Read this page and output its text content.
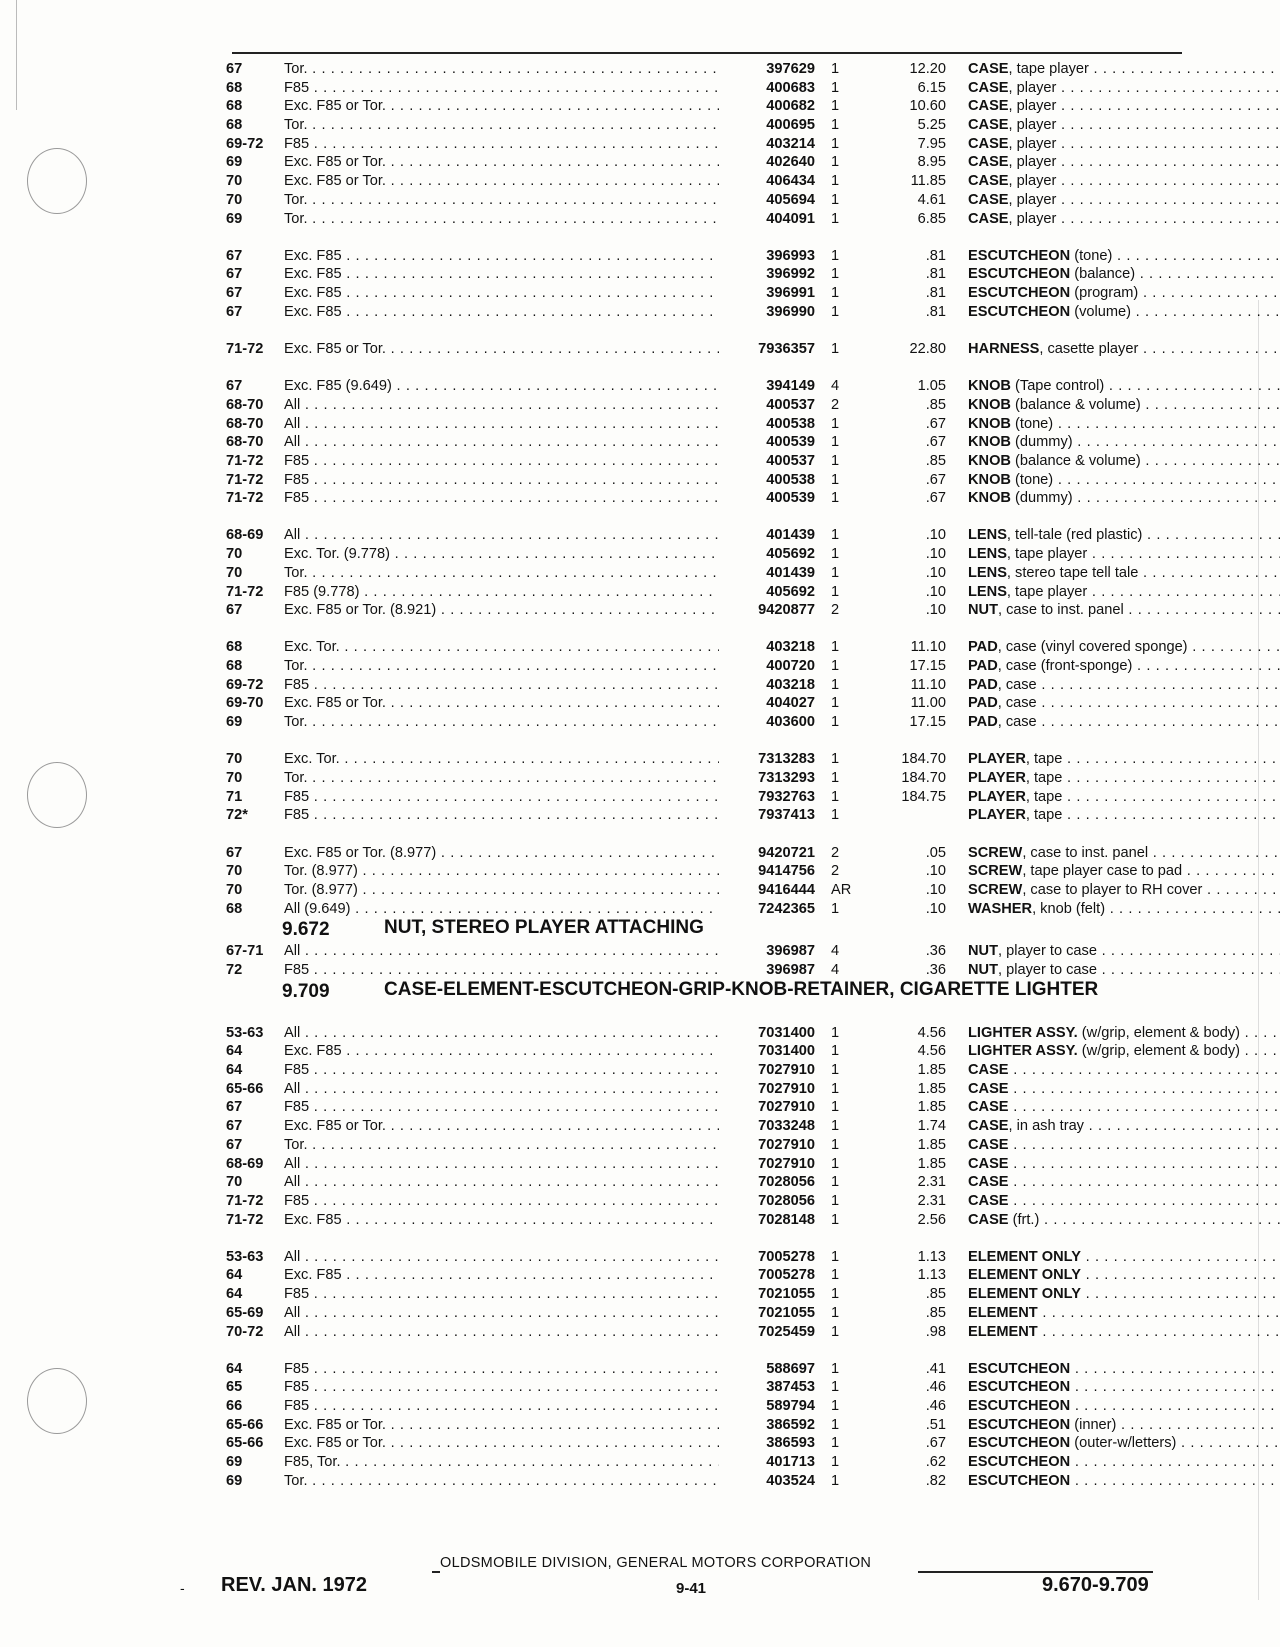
67	Tor. . . .	397629 1	12.20 CASE, tape player . . .
68	F85 . . .	400683 1	6.15 CASE, player . . .
68	Exc. F85 or Tor. . . .	400682 1	10.60 CASE, player . . .
68	Tor. . . .	400695 1	5.25 CASE, player . . .
69-72	F85 . . .	403214 1	7.95 CASE, player . . .
69	Exc. F85 or Tor. . . .	402640 1	8.95 CASE, player . . .
70	Exc. F85 or Tor. . . .	406434 1	11.85 CASE, player . . .
70	Tor. . . .	405694 1	4.61 CASE, player . . .
69	Tor. . . .	404091 1	6.85 CASE, player . . .
67	Exc. F85 . . .	396993 1	.81 ESCUTCHEON (tone) . . .
67	Exc. F85 . . .	396992 1	.81 ESCUTCHEON (balance) . . .
67	Exc. F85 . . .	396991 1	.81 ESCUTCHEON (program) . . .
67	Exc. F85 . . .	396990 1	.81 ESCUTCHEON (volume) . . .
71-72	Exc. F85 or Tor. . . .	7936357 1	22.80 HARNESS, casette player . . .
67	Exc. F85 (9.649) . . .	394149 4	1.05 KNOB (Tape control) . . .
68-70	All . . .	400537 2	.85 KNOB (balance & volume) . . .
68-70	All . . .	400538 1	.67 KNOB (tone) . . .
68-70	All . . .	400539 1	.67 KNOB (dummy) . . .
71-72	F85 . . .	400537 1	.85 KNOB (balance & volume) . . .
71-72	F85 . . .	400538 1	.67 KNOB (tone) . . .
71-72	F85 . . .	400539 1	.67 KNOB (dummy) . . .
68-69	All . . .	401439 1	.10 LENS, tell-tale (red plastic) . . .
70	Exc. Tor. (9.778) . . .	405692 1	.10 LENS, tape player . . .
70	Tor. . . .	401439 1	.10 LENS, stereo tape tell tale . . .
71-72	F85 (9.778) . . .	405692 1	.10 LENS, tape player . . .
67	Exc. F85 or Tor. (8.921) . . .	9420877 2	.10 NUT, case to inst. panel . . .
68	Exc. Tor. . . .	403218 1	11.10 PAD, case (vinyl covered sponge) . . .
68	Tor. . . .	400720 1	17.15 PAD, case (front-sponge) . . .
69-72	F85 . . .	403218 1	11.10 PAD, case . . .
69-70	Exc. F85 or Tor. . . .	404027 1	11.00 PAD, case . . .
69	Tor. . . .	403600 1	17.15 PAD, case . . .
70	Exc. Tor. . . .	7313283 1	184.70 PLAYER, tape . . .
70	Tor. . . .	7313293 1	184.70 PLAYER, tape . . .
71	F85 . . .	7932763 1	184.75 PLAYER, tape . . .
72*	F85 . . .	7937413 1	PLAYER, tape . . .
67	Exc. F85 or Tor. (8.977) . . .	9420721 2	.05 SCREW, case to inst. panel . . .
70	Tor. (8.977) . . .	9414756 2	.10 SCREW, tape player case to pad . . .
70	Tor. (8.977) . . .	9416444 AR	.10 SCREW, case to player to RH cover . . .
68	All (9.649) . . .	7242365 1	.10 WASHER, knob (felt) . . .
9.672	NUT, STEREO PLAYER ATTACHING
67-71	All . . .	396987 4	.36 NUT, player to case . . .
72	F85 . . .	396987 4	.36 NUT, player to case . . .
9.709	CASE-ELEMENT-ESCUTCHEON-GRIP-KNOB-RETAINER, CIGARETTE LIGHTER
53-63	All . . .	7031400 1	4.56 LIGHTER ASSY. (w/grip, element & body) . . .
64	Exc. F85 . . .	7031400 1	4.56 LIGHTER ASSY. (w/grip, element & body) . . .
64	F85 . . .	7027910 1	1.85 CASE . . .
65-66	All . . .	7027910 1	1.85 CASE . . .
67	F85 . . .	7027910 1	1.85 CASE . . .
67	Exc. F85 or Tor. . . .	7033248 1	1.74 CASE, in ash tray . . .
67	Tor. . . .	7027910 1	1.85 CASE . . .
68-69	All . . .	7027910 1	1.85 CASE . . .
70	All . . .	7028056 1	2.31 CASE . . .
71-72	F85 . . .	7028056 1	2.31 CASE . . .
71-72	Exc. F85 . . .	7028148 1	2.56 CASE (frt.) . . .
53-63	All . . .	7005278 1	1.13 ELEMENT ONLY . . .
64	Exc. F85 . . .	7005278 1	1.13 ELEMENT ONLY . . .
64	F85 . . .	7021055 1	.85 ELEMENT ONLY . . .
65-69	All . . .	7021055 1	.85 ELEMENT . . .
70-72	All . . .	7025459 1	.98 ELEMENT . . .
64	F85 . . .	588697 1	.41 ESCUTCHEON . . .
65	F85 . . .	387453 1	.46 ESCUTCHEON . . .
66	F85 . . .	589794 1	.46 ESCUTCHEON . . .
65-66	Exc. F85 or Tor. . . .	386592 1	.51 ESCUTCHEON (inner) . . .
65-66	Exc. F85 or Tor. . . .	386593 1	.67 ESCUTCHEON (outer-w/letters) . . .
69	F85, Tor. . . .	401713 1	.62 ESCUTCHEON . . .
69	Tor. . . .	403524 1	.82 ESCUTCHEON . . .
OLDSMOBILE DIVISION, GENERAL MOTORS CORPORATION
- REV. JAN. 1972	9-41	9.670-9.709
